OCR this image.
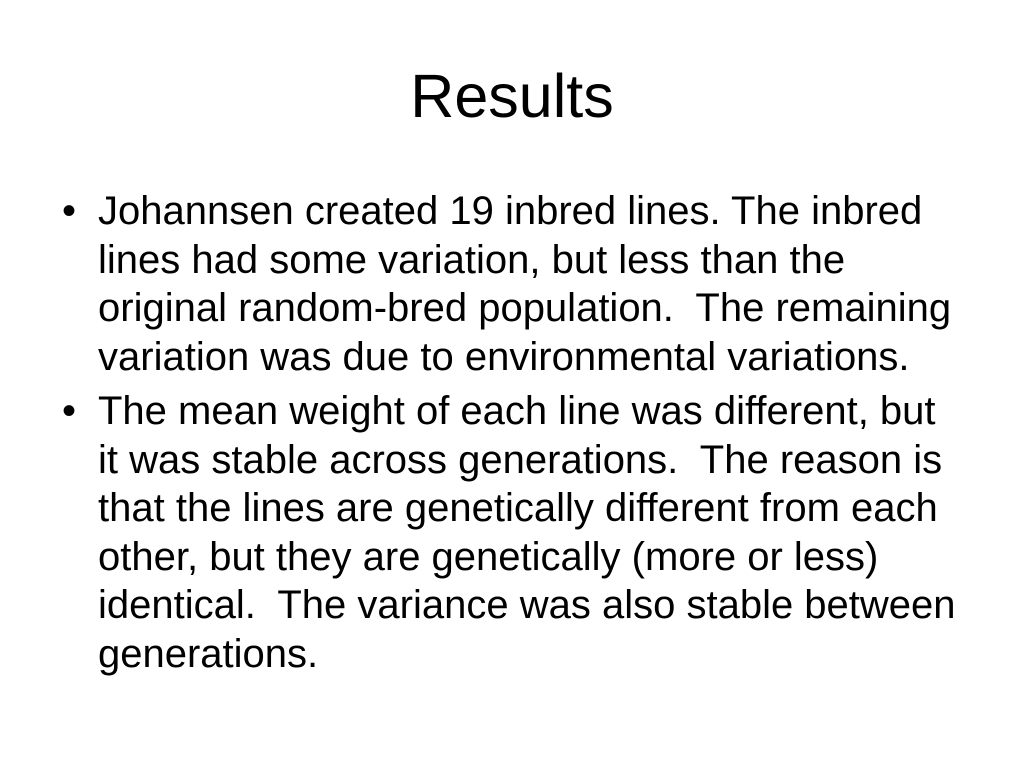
Results
• Johannsen created 19 inbred lines. The inbred lines had some variation, but less than the original random-bred population.  The remaining variation was due to environmental variations.
• The mean weight of each line was different, but it was stable across generations.  The reason is that the lines are genetically different from each other, but they are genetically (more or less) identical.  The variance was also stable between generations.
